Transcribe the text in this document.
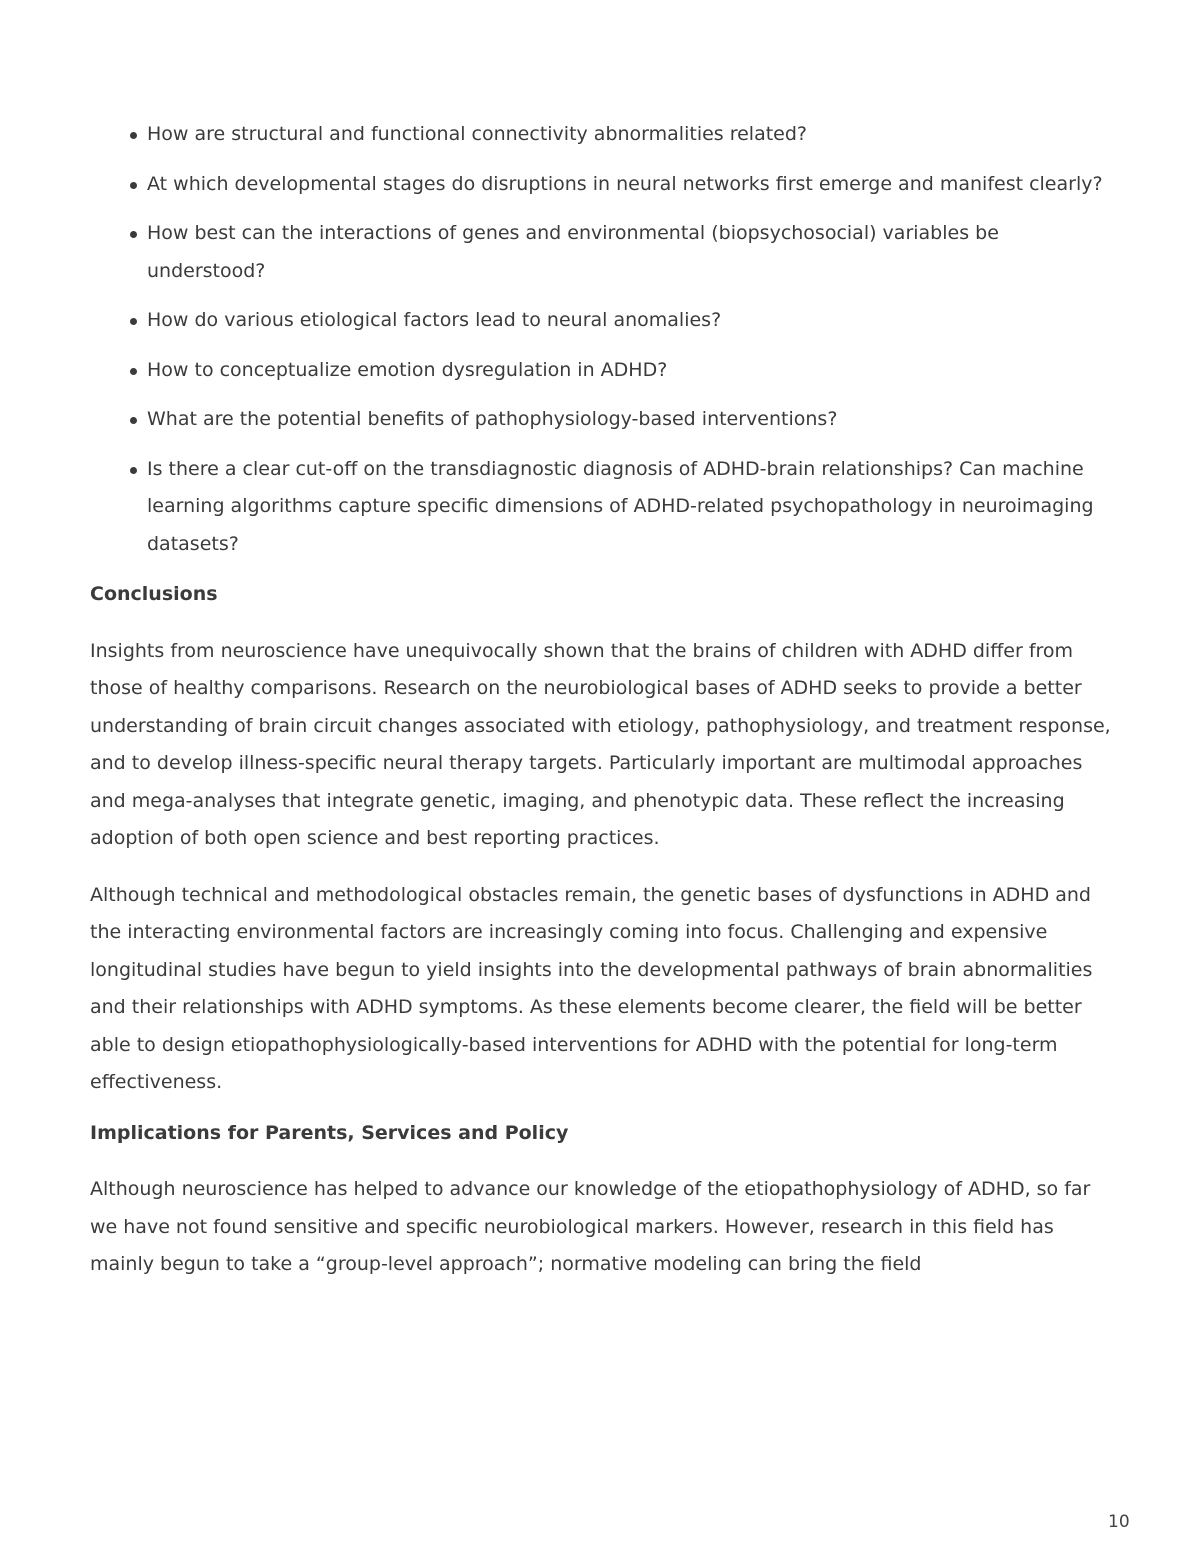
How are structural and functional connectivity abnormalities related?
At which developmental stages do disruptions in neural networks first emerge and manifest clearly?
How best can the interactions of genes and environmental (biopsychosocial) variables be understood?
How do various etiological factors lead to neural anomalies?
How to conceptualize emotion dysregulation in ADHD?
What are the potential benefits of pathophysiology-based interventions?
Is there a clear cut-off on the transdiagnostic diagnosis of ADHD-brain relationships? Can machine learning algorithms capture specific dimensions of ADHD-related psychopathology in neuroimaging datasets?
Conclusions

Insights from neuroscience have unequivocally shown that the brains of children with ADHD differ from those of healthy comparisons. Research on the neurobiological bases of ADHD seeks to provide a better understanding of brain circuit changes associated with etiology, pathophysiology, and treatment response, and to develop illness-specific neural therapy targets. Particularly important are multimodal approaches and mega-analyses that integrate genetic, imaging, and phenotypic data. These reflect the increasing adoption of both open science and best reporting practices.

Although technical and methodological obstacles remain, the genetic bases of dysfunctions in ADHD and the interacting environmental factors are increasingly coming into focus. Challenging and expensive longitudinal studies have begun to yield insights into the developmental pathways of brain abnormalities and their relationships with ADHD symptoms. As these elements become clearer, the field will be better able to design etiopathophysiologically-based interventions for ADHD with the potential for long-term effectiveness.

Implications for Parents, Services and Policy

Although neuroscience has helped to advance our knowledge of the etiopathophysiology of ADHD, so far we have not found sensitive and specific neurobiological markers. However, research in this field has mainly begun to take a “group-level approach”; normative modeling can bring the field

10
